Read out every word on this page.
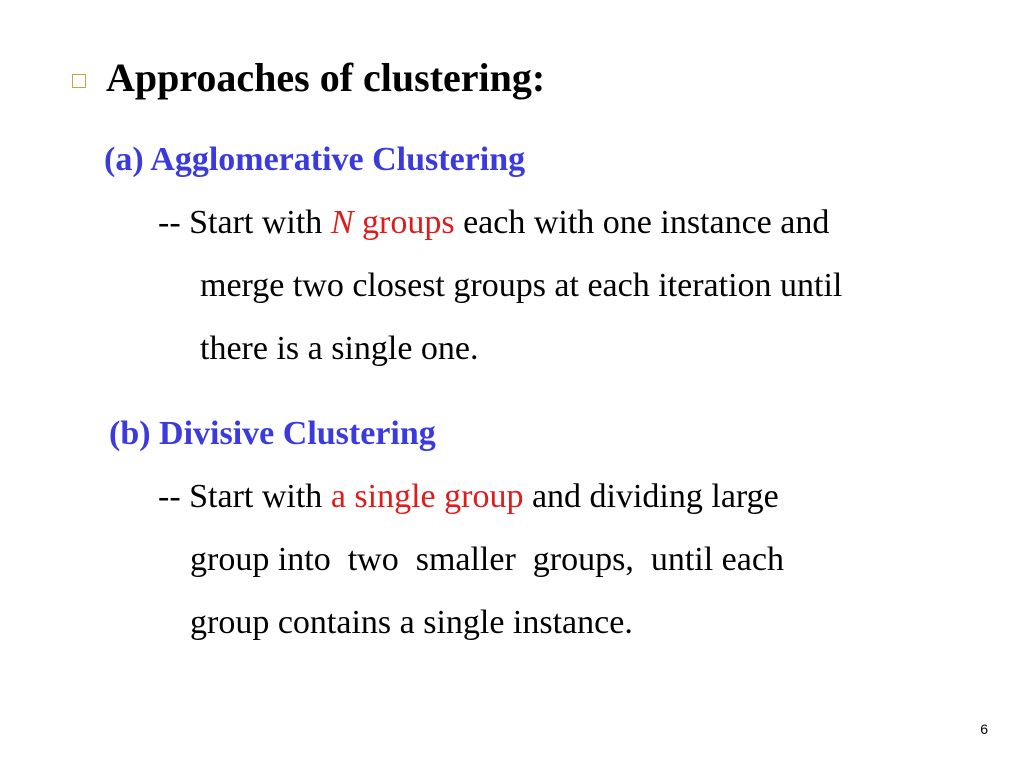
Approaches of clustering:
(a) Agglomerative Clustering
-- Start with N groups each with one instance and
merge two closest groups at each iteration until
there is a single one.
(b) Divisive Clustering
-- Start with a single group and dividing large
group into  two  smaller  groups,  until each
group contains a single instance.
6
